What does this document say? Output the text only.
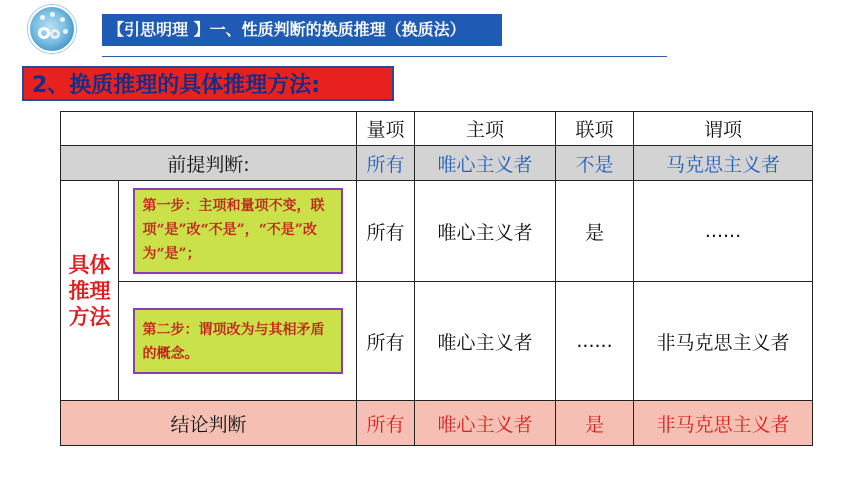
【引思明理 】一、性质判断的换质推理（换质法）
2、换质推理的具体推理方法:
		量项	主项	联项	谓项
前提判断:		所有	唯心主义者	不是	马克思主义者

具体推理方法	第一步：主项和量项不变，联项“是”改“不是”，“不是”改为“是”；	所有	唯心主义者	是	......

	第二步：谓项改为与其相矛盾的概念。	所有	唯心主义者	......	非马克思主义者
结论判断		所有	唯心主义者	是	非马克思主义者
